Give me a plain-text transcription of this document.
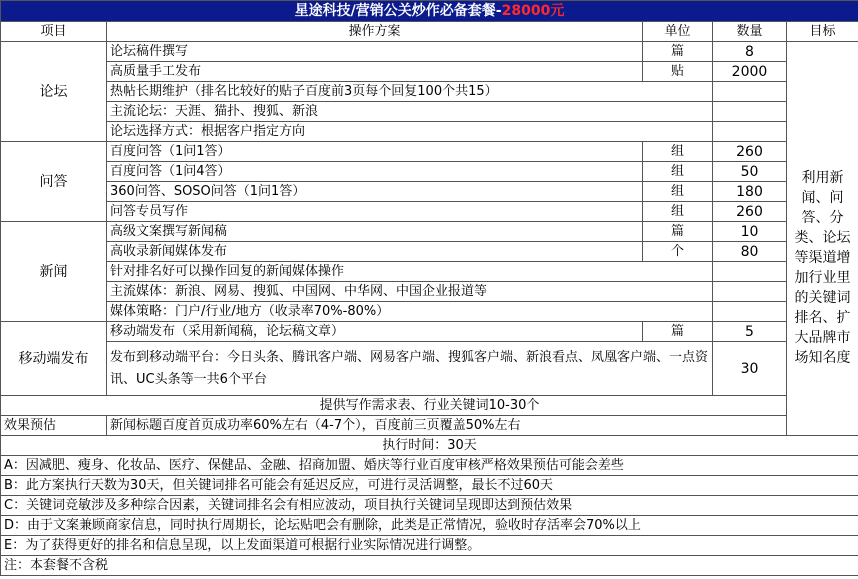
星途科技/营销公关炒作必备套餐-28000元				
项目	操作方案	单位	数量	目标
论坛	论坛稿件撰写	篇	8	
	高质量手工发布	贴	2000	
	热帖长期维护（排名比较好的贴子百度前3页每个回复100个共15）			
	主流论坛：天涯、猫扑、搜狐、新浪			利用新闻、问答、分类、论坛等渠道增加行业里的关键词排名、扩大品牌市场知名度
	论坛选择方式：根据客户指定方向			
问答	百度问答（1问1答）	组	260	
	百度问答（1问4答）	组	50	
	360问答、SOSO问答（1问1答）	组	180	
	问答专员写作	组	260	
新闻	高级文案撰写新闻稿	篇	10	
	高收录新闻媒体发布	个	80	
	针对排名好可以操作回复的新闻媒体操作			
	主流媒体：新浪、网易、搜狐、中国网、中华网、中国企业报道等			
	媒体策略：门户/行业/地方（收录率70%-80%）			
移动端发布	移动端发布（采用新闻稿，论坛稿文章）	篇	5	
	发布到移动端平台：今日头条、腾讯客户端、网易客户端、搜狐客户端、新浪看点、凤凰客户端、一点资讯、UC头条等一共6个平台		30	
提供写作需求表、行业关键词10-30个				
效果预估	新闻标题百度首页成功率60%左右（4-7个），百度前三页覆盖50%左右			
执行时间：30天				
A：因减肥、瘦身、化妆品、医疗、保健品、金融、招商加盟、婚庆等行业百度审核严格效果预估可能会差些				
B：此方案执行天数为30天，但关键词排名可能会有延迟反应，可进行灵活调整，最长不过60天				
C：关键词竞敏涉及多种综合因素，关键词排名会有相应波动，项目执行关键词呈现即达到预估效果				
D：由于文案兼顾商家信息，同时执行周期长，论坛贴吧会有删除，此类是正常情况，验收时存活率会70%以上				
E：为了获得更好的排名和信息呈现，以上发面渠道可根据行业实际情况进行调整。				
注：本套餐不含税				
